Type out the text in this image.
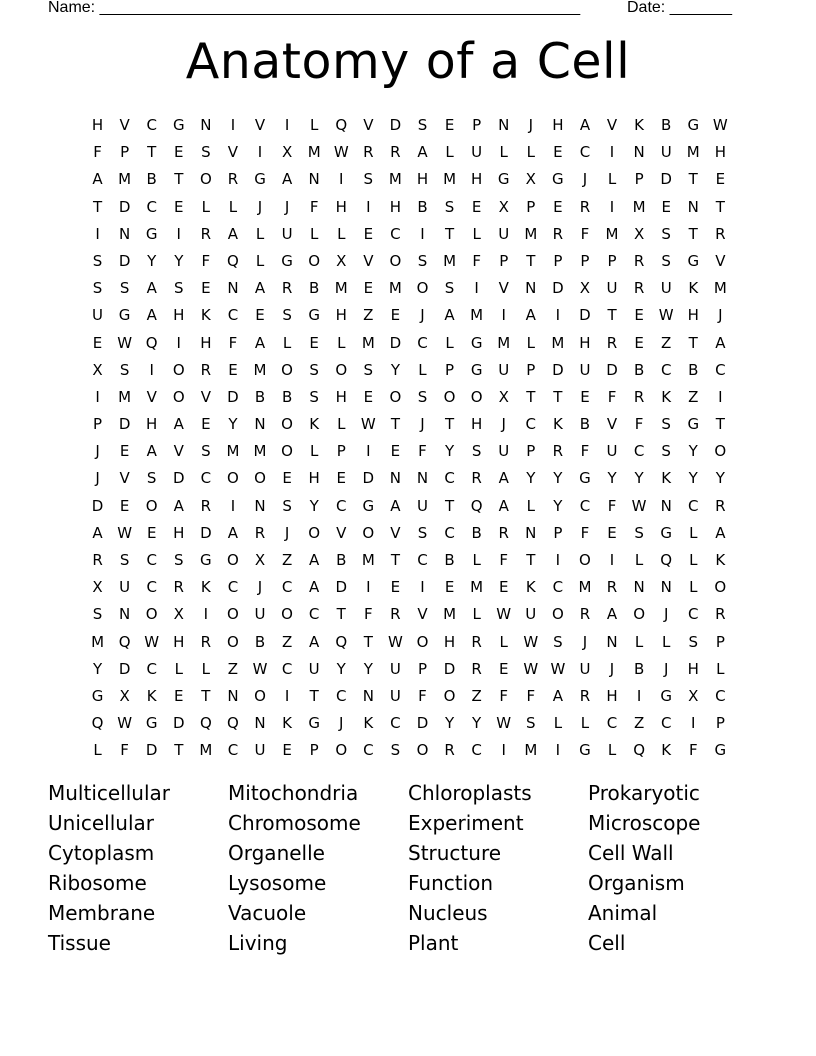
Name: ______________________________________________________	Date: _______
Anatomy of a Cell
H	V	C	G	N	I	V	I	L	Q	V	D	S	E	P	N	J	H	A	V	K	B	G W
F	P	T	E	S	V	I	X	M W R	R	A	L	U	L	L	E	C	I	N	U	M H
A	M	B	T	O	R	G	A	N	I	S	M H M H	G	X	G	J	L	P	D	T	E
T	D	C	E	L	L	J	J	F	H	I	H	B	S	E	X	P	E	R	I	M	E	N	T
I	N	G	I	R	A	L	U	L	L	E	C	I	T	L	U	M	R	F	M	X	S	T	R
S	D	Y	Y	F	Q	L	G	O	X	V	O	S	M	F	P	T	P	P	P	R	S	G	V
S	S	A	S	E	N	A	R	B	M	E	M O	S	I	V	N	D	X	U	R	U	K	M
U	G	A	H	K	C	E	S	G	H	Z	E	J	A	M	I	A	I	D	T	E W H	J
E W Q	I	H	F	A	L	E	L	M D	C	L	G M	L	M H	R	E	Z	T	A
X	S	I	O	R	E	M O	S	O	S	Y	L	P	G	U	P	D	U	D	B	C	B	C
I	M	V	O	V	D	B	B	S	H	E	O	S	O	O	X	T	T	E	F	R	K	Z	I
P	D	H	A	E	Y	N	O	K	L	W	T	J	T	H	J	C	K	B	V	F	S	G	T
J	E	A	V	S	M M O	L	P	I	E	F	Y	S	U	P	R	F	U	C	S	Y	O
J	V	S	D	C	O	O	E	H	E	D	N	N	C	R	A	Y	Y	G	Y	Y	K	Y	Y
D	E	O	A	R	I	N	S	Y	C	G	A	U	T	Q	A	L	Y	C	F	W N	C	R
A W E	H	D	A	R	J	O	V	O	V	S	C	B	R	N	P	F	E	S	G	L	A
R	S	C	S	G	O	X	Z	A	B	M	T	C	B	L	F	T	I	O	I	L	Q	L	K
X	U	C	R	K	C	J	C	A	D	I	E	I	E	M	E	K	C	M	R	N	N	L	O
S	N	O	X	I	O	U	O	C	T	F	R	V	M	L	W U	O	R	A	O	J	C	R
M Q W H	R	O	B	Z	A	Q	T	W O	H	R	L	W S	J	N	L	L	S	P
Y	D	C	L	L	Z W C	U	Y	Y	U	P	D	R	E W W U	J	B	J	H	L
G	X	K	E	T	N	O	I	T	C	N	U	F	O	Z	F	F	A	R	H	I	G	X	C
Q W G	D	Q	Q	N	K	G	J	K	C	D	Y	Y	W S	L	L	C	Z	C	I	P
L	F	D	T	M	C	U	E	P	O	C	S	O	R	C	I	M	I	G	L	Q	K	F	G
Multicellular
Unicellular
Cytoplasm
Ribosome
Membrane
Tissue
Mitochondria
Chromosome
Organelle
Lysosome
Vacuole
Living
Chloroplasts
Experiment
Structure
Function
Nucleus
Plant
Prokaryotic
Microscope
Cell Wall
Organism
Animal
Cell
